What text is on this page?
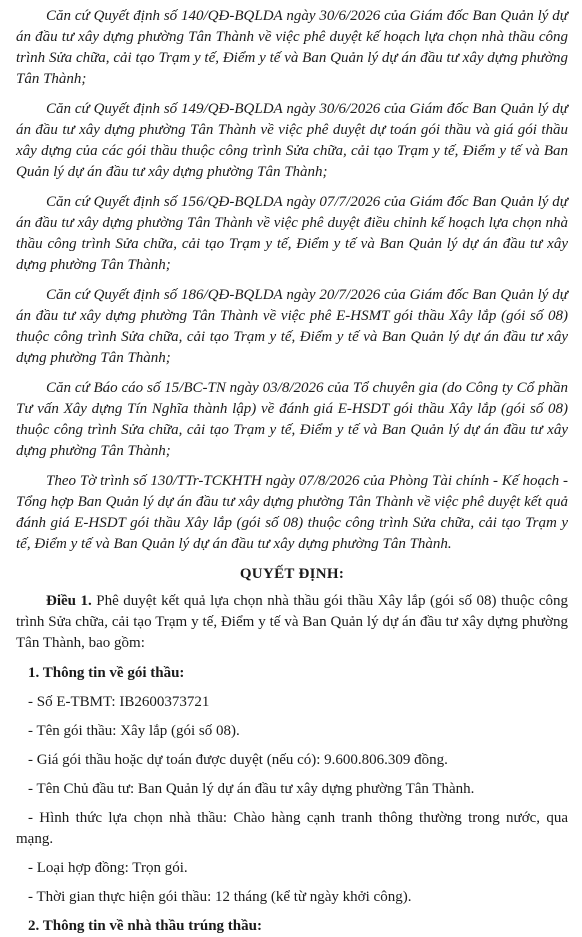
Căn cứ Quyết định số 140/QĐ-BQLDA ngày 30/6/2026 của Giám đốc Ban Quản lý dự án đầu tư xây dựng phường Tân Thành về việc phê duyệt kế hoạch lựa chọn nhà thầu công trình Sửa chữa, cải tạo Trạm y tế, Điểm y tế và Ban Quản lý dự án đầu tư xây dựng phường Tân Thành;

Căn cứ Quyết định số 149/QĐ-BQLDA ngày 30/6/2026 của Giám đốc Ban Quản lý dự án đầu tư xây dựng phường Tân Thành về việc phê duyệt dự toán gói thầu và giá gói thầu xây dựng của các gói thầu thuộc công trình Sửa chữa, cải tạo Trạm y tế, Điểm y tế và Ban Quản lý dự án đầu tư xây dựng phường Tân Thành;

Căn cứ Quyết định số 156/QĐ-BQLDA ngày 07/7/2026 của Giám đốc Ban Quản lý dự án đầu tư xây dựng phường Tân Thành về việc phê duyệt điều chỉnh kế hoạch lựa chọn nhà thầu công trình Sửa chữa, cải tạo Trạm y tế, Điểm y tế và Ban Quản lý dự án đầu tư xây dựng phường Tân Thành;

Căn cứ Quyết định số 186/QĐ-BQLDA ngày 20/7/2026 của Giám đốc Ban Quản lý dự án đầu tư xây dựng phường Tân Thành về việc phê E-HSMT gói thầu Xây lắp (gói số 08) thuộc công trình Sửa chữa, cải tạo Trạm y tế, Điểm y tế và Ban Quản lý dự án đầu tư xây dựng phường Tân Thành;

Căn cứ Báo cáo số 15/BC-TN ngày 03/8/2026 của Tổ chuyên gia (do Công ty Cổ phần Tư vấn Xây dựng Tín Nghĩa thành lập) về đánh giá E-HSDT gói thầu Xây lắp (gói số 08) thuộc công trình Sửa chữa, cải tạo Trạm y tế, Điểm y tế và Ban Quản lý dự án đầu tư xây dựng phường Tân Thành;

Theo Tờ trình số 130/TTr-TCKHTH ngày 07/8/2026 của Phòng Tài chính - Kế hoạch - Tổng hợp Ban Quản lý dự án đầu tư xây dựng phường Tân Thành về việc phê duyệt kết quả đánh giá E-HSDT gói thầu Xây lắp (gói số 08) thuộc công trình Sửa chữa, cải tạo Trạm y tế, Điểm y tế và Ban Quản lý dự án đầu tư xây dựng phường Tân Thành.

QUYẾT ĐỊNH:

Điều 1. Phê duyệt kết quả lựa chọn nhà thầu gói thầu Xây lắp (gói số 08) thuộc công trình Sửa chữa, cải tạo Trạm y tế, Điểm y tế và Ban Quản lý dự án đầu tư xây dựng phường Tân Thành, bao gồm:

1. Thông tin về gói thầu:
- Số E-TBMT: IB2600373721
- Tên gói thầu: Xây lắp (gói số 08).
- Giá gói thầu hoặc dự toán được duyệt (nếu có): 9.600.806.309 đồng.
- Tên Chủ đầu tư: Ban Quản lý dự án đầu tư xây dựng phường Tân Thành.
- Hình thức lựa chọn nhà thầu: Chào hàng cạnh tranh thông thường trong nước, qua mạng.
- Loại hợp đồng: Trọn gói.
- Thời gian thực hiện gói thầu: 12 tháng (kể từ ngày khởi công).
2. Thông tin về nhà thầu trúng thầu:
